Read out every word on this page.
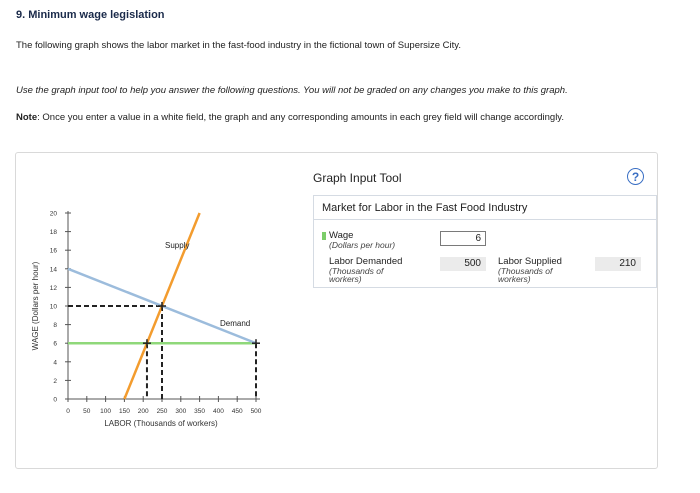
9. Minimum wage legislation
The following graph shows the labor market in the fast-food industry in the fictional town of Supersize City.
Use the graph input tool to help you answer the following questions. You will not be graded on any changes you make to this graph.
Note: Once you enter a value in a white field, the graph and any corresponding amounts in each grey field will change accordingly.
0
2
4
6
8
10
12
14
16
18
20
0 50 100 150 200 250 300 350 400 450 500
LABOR (Thousands of workers)
WAGE (Dollars per hour)
Supply
Demand
Graph Input Tool	?
Market for Labor in the Fast Food Industry
Wage
(Dollars per hour)
6
Labor Demanded
(Thousands of
workers)
500	Labor Supplied
(Thousands of
workers)
210
